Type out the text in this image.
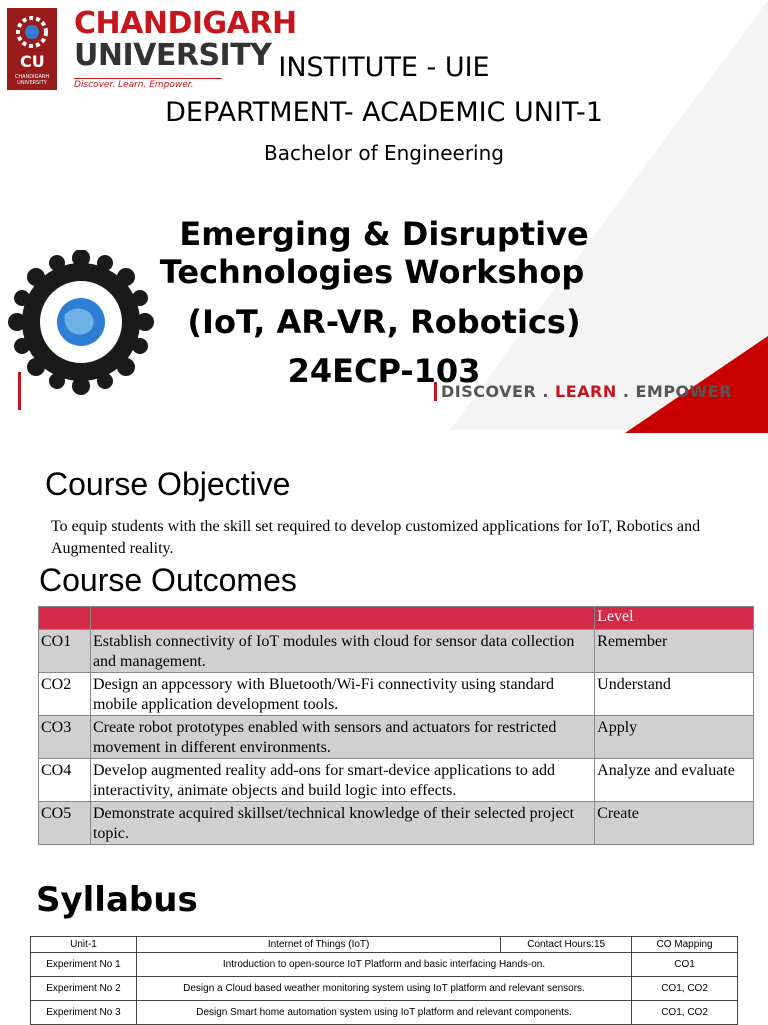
CU
CHANDIGARH UNIVERSITY
CHANDIGARH
UNIVERSITY
Discover. Learn. Empower.
INSTITUTE - UIE
DEPARTMENT- ACADEMIC UNIT-1
Bachelor of Engineering
Emerging & Disruptive
Technologies Workshop
(IoT, AR-VR, Robotics)
24ECP-103
DISCOVER . LEARN . EMPOWER
Course Objective
To equip students with the skill set required to develop customized applications for IoT, Robotics and Augmented reality.
Course Outcomes
		Level
CO1	Establish connectivity of IoT modules with cloud for sensor data collection and management.	Remember
CO2	Design an appcessory with Bluetooth/Wi-Fi connectivity using standard mobile application development tools.	Understand
CO3	Create robot prototypes enabled with sensors and actuators for restricted movement in different environments.	Apply
CO4	Develop augmented reality add-ons for smart-device applications to add interactivity, animate objects and build logic into effects.	Analyze and evaluate
CO5	Demonstrate acquired skillset/technical knowledge of their selected project topic.	Create
Syllabus
Unit-1	Internet of Things (IoT)	Contact Hours:15	CO Mapping
Experiment No 1	Introduction to open-source IoT Platform and basic interfacing Hands-on.		CO1
Experiment No 2	Design a Cloud based weather monitoring system using IoT platform and relevant sensors.		CO1, CO2
Experiment No 3	Design Smart home automation system using IoT platform and relevant components.		CO1, CO2
